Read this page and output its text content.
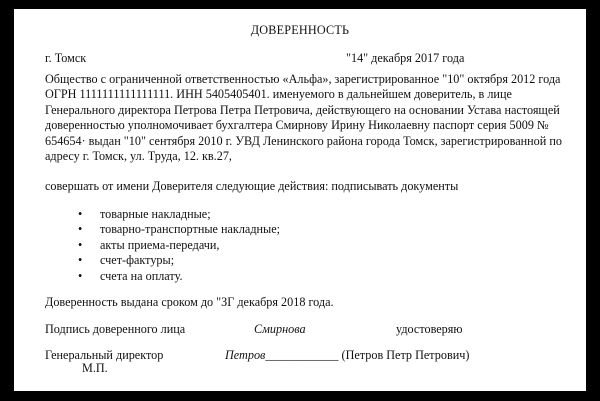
ДОВЕРЕННОСТЬ
г. Томск	"14" декабря 2017 года
Общество с ограниченной ответственностью «Альфа», зарегистрированное "10" октября 2012 года
ОГРН 1111111111111111. ИНН 5405405401. именуемого в дальнейшем доверитель, в лице
Генерального директора Петрова Петра Петровича, действующего на основании Устава настоящей
доверенностью уполномочивает бухгалтера Смирнову Ирину Николаевну паспорт серия 5009 №
654654· выдан "10" сентября 2010 г. УВД Ленинского района города Томск, зарегистрированной по
адресу г. Томск, ул. Труда, 12. кв.27,
совершать от имени Доверителя следующие действия: подписывать документы
• товарные накладные;
• товарно-транспортные накладные;
• акты приема-передачи,
• счет-фактуры;
• счета на оплату.
Доверенность выдана сроком до "ЗГ декабря 2018 года.
Подпись доверенного лица	Смирнова	удостоверяю
Генеральный директор	Петров____________ (Петров Петр Петрович)
М.П.
